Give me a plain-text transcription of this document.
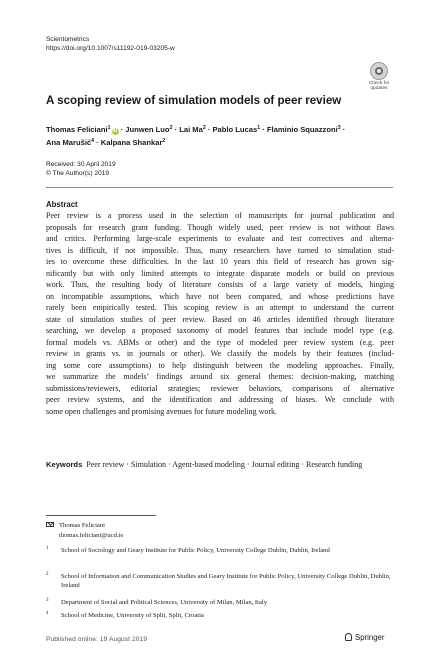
Scientometrics
https://doi.org/10.1007/s11192-019-03205-w
Check for
updates
A scoping review of simulation models of peer review
Thomas Feliciani$^1$ iD · Junwen Luo$^2$ · Lai $Ma^2$ · Pablo Lucas$^1$ · Flaminio Squazzoni$^3$ ·
Ana Marušić$^4$ · Kalpana Shankar$^2$
Received: 30 April 2019
© The Author(s) 2019
Abstract
Peer review is a process used in the selection of manuscripts for journal publication and
proposals for research grant funding. Though widely used, peer review is not without flaws
and critics. Performing large-scale experiments to evaluate and test correctives and alterna-
tives is difficult, if not impossible. Thus, many researchers have turned to simulation stud-
ies to overcome these difficulties. In the last 10 years this field of research has grown sig-
nificantly but with only limited attempts to integrate disparate models or build on previous
work. Thus, the resulting body of literature consists of a large variety of models, hinging
on incompatible assumptions, which have not been compared, and whose predictions have
rarely been empirically tested. This scoping review is an attempt to understand the current
state of simulation studies of peer review. Based on 46 articles identified through literature
searching, we develop a proposed taxonomy of model features that include model type (e.g.
formal models vs. ABMs or other) and the type of modeled peer review system (e.g. peer
review in grants vs. in journals or other). We classify the models by their features (includ-
ing some core assumptions) to help distinguish between the modeling approaches. Finally,
we summarize the models’ findings around six general themes: decision-making, matching
submissions/reviewers, editorial strategies; reviewer behaviors, comparisons of alternative
peer review systems, and the identification and addressing of biases. We conclude with
some open challenges and promising avenues for future modeling work.
Keywords Peer review · Simulation · Agent-based modeling · Journal editing · Research funding
Thomas Feliciani
thomas.feliciani@ucd.ie
1 School of Sociology and Geary Institute for Public Policy, University College Dublin, Dublin, Ireland
2 School of Information and Communication Studies and Geary Institute for Public Policy, University College Dublin, Dublin, Ireland
3 Department of Social and Political Sciences, University of Milan, Milan, Italy
4 School of Medicine, University of Split, Split, Croatia
Published online: 19 August 2019	Springer
